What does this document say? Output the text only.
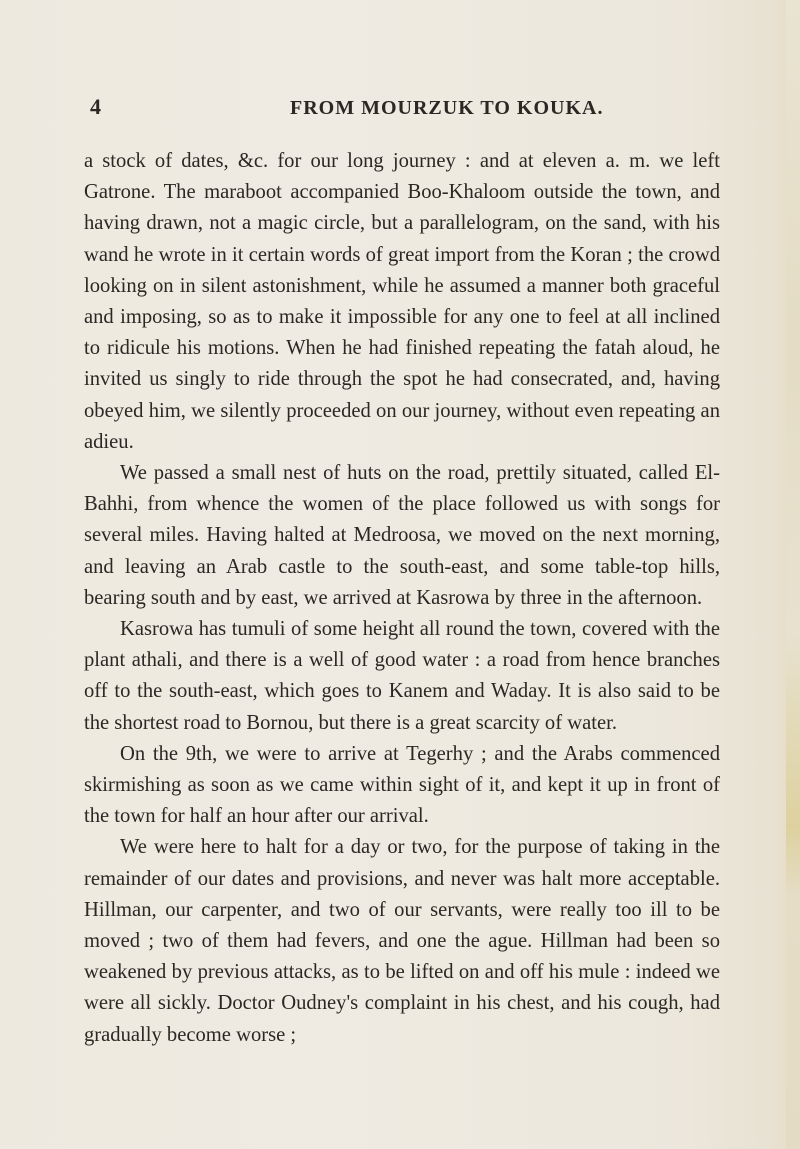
4	FROM MOURZUK TO KOUKA.

a stock of dates, &c. for our long journey : and at eleven a. m. we left Gatrone. The maraboot accompanied Boo-Khaloom outside the town, and having drawn, not a magic circle, but a parallelogram, on the sand, with his wand he wrote in it certain words of great import from the Koran ; the crowd looking on in silent astonishment, while he assumed a manner both graceful and imposing, so as to make it impossible for any one to feel at all inclined to ridicule his motions. When he had finished repeating the fatah aloud, he invited us singly to ride through the spot he had consecrated, and, having obeyed him, we silently proceeded on our journey, without even repeating an adieu.

We passed a small nest of huts on the road, prettily situated, called El-Bahhi, from whence the women of the place followed us with songs for several miles. Having halted at Medroosa, we moved on the next morning, and leaving an Arab castle to the south-east, and some table-top hills, bearing south and by east, we arrived at Kasrowa by three in the afternoon.

Kasrowa has tumuli of some height all round the town, covered with the plant athali, and there is a well of good water : a road from hence branches off to the south-east, which goes to Kanem and Waday. It is also said to be the shortest road to Bornou, but there is a great scarcity of water.

On the 9th, we were to arrive at Tegerhy ; and the Arabs commenced skirmishing as soon as we came within sight of it, and kept it up in front of the town for half an hour after our arrival.

We were here to halt for a day or two, for the purpose of taking in the remainder of our dates and provisions, and never was halt more acceptable. Hillman, our carpenter, and two of our servants, were really too ill to be moved ; two of them had fevers, and one the ague. Hillman had been so weakened by previous attacks, as to be lifted on and off his mule : indeed we were all sickly. Doctor Oudney's complaint in his chest, and his cough, had gradually become worse ;
